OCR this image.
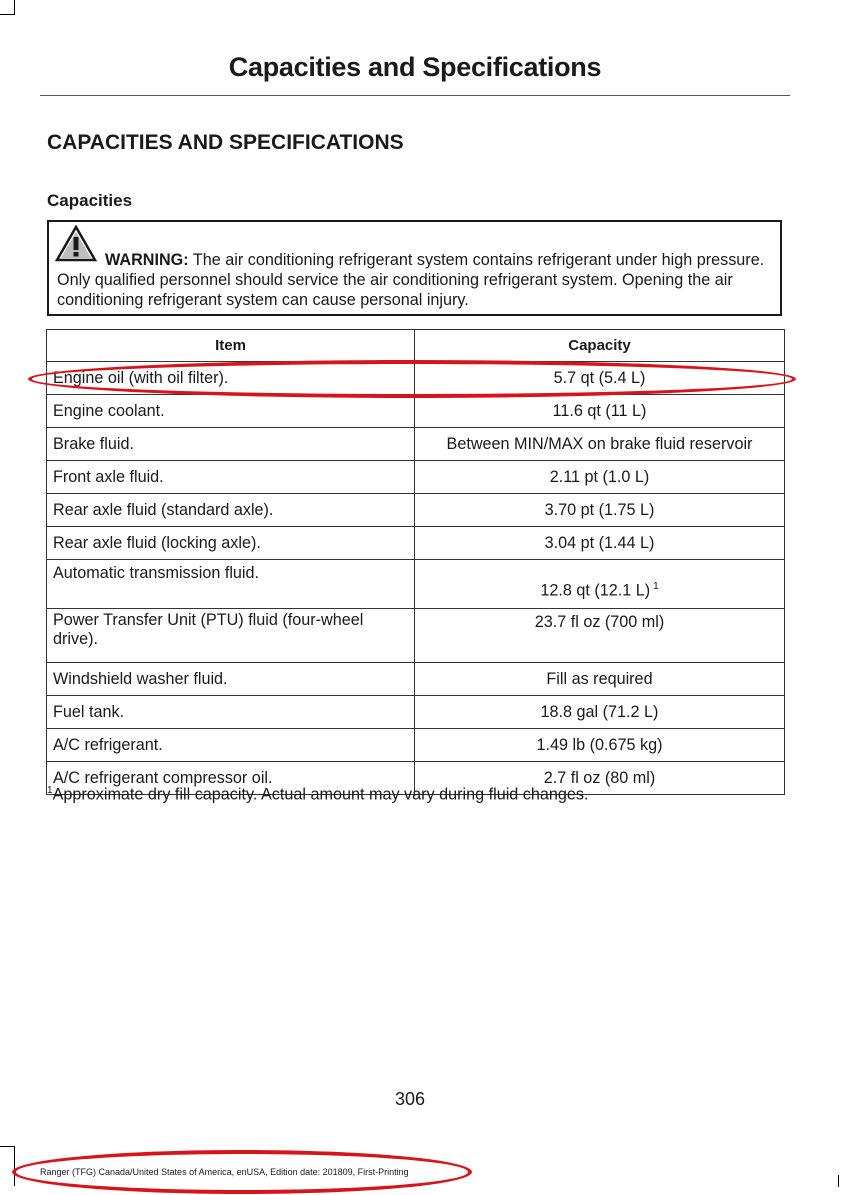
Capacities and Specifications
CAPACITIES AND SPECIFICATIONS
Capacities
WARNING: The air conditioning refrigerant system contains refrigerant under high pressure. Only qualified personnel should service the air conditioning refrigerant system. Opening the air conditioning refrigerant system can cause personal injury.
Item	Capacity
Engine oil (with oil filter).	5.7 qt (5.4 L)
Engine coolant.	11.6 qt (11 L)
Brake fluid.	Between MIN/MAX on brake fluid reservoir
Front axle fluid.	2.11 pt (1.0 L)
Rear axle fluid (standard axle).	3.70 pt (1.75 L)
Rear axle fluid (locking axle).	3.04 pt (1.44 L)
Automatic transmission fluid.	12.8 qt (12.1 L) $^1$
Power Transfer Unit (PTU) fluid (four-wheel drive).	23.7 fl oz (700 ml)
Windshield washer fluid.	Fill as required
Fuel tank.	18.8 gal (71.2 L)
A/C refrigerant.	1.49 lb (0.675 kg)
A/C refrigerant compressor oil.	2.7 fl oz (80 ml)
$^1$Approximate dry fill capacity. Actual amount may vary during fluid changes.
306
Ranger (TFG) Canada/United States of America, enUSA, Edition date: 201809, First-Printing
